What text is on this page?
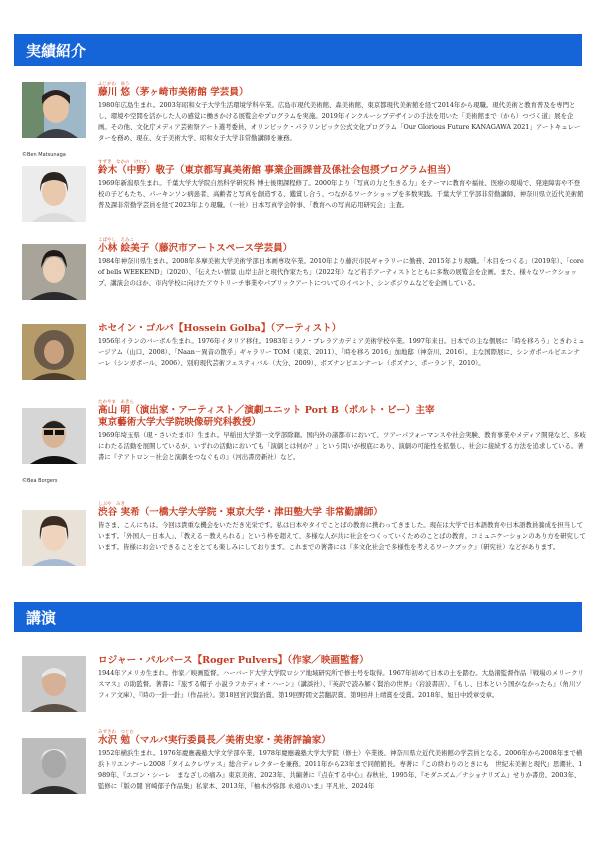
実績紹介
©Ben Matsunaga
ふじかわ　ゆう
藤川 悠（茅ヶ崎市美術館 学芸員）
1980年広島生まれ。2003年昭和女子大学生活環境学科卒業。広島市現代美術館、森美術館、東京都現代美術館を経て2014年から現職。現代美術と教育普及を専門とし、環境や空間を活かした人の感覚に働きかける展覧会やプログラムを実施。2019年インクルーシブデザインの手法を用いた「美術館まで（から）つづく道」展を企画。その他、文化庁メディア芸術祭アート選考委員、オリンピック・パラリンピック公式文化プログラム「Our Glorious Future KANAGAWA 2021」アートキュレーターを務め、現在、女子美術大学、昭和女子大学非常勤講師を兼務。
すずき　なかの　けいこ
鈴木（中野）敬子（東京都写真美術館 事業企画課普及係社会包摂プログラム担当）
1969年新潟県生まれ。千葉大学大学院自然科学研究科 博士後期課程修了。2000年より「写真の力と生きる力」をテーマに教育や福祉、医療の現場で、発達障害や不登校の子どもたち、パーキンソン病患者、高齢者と写真を創造する、鑑賞し合う、つながるワークショップを多数実践。千葉大学工学部非常勤講師、神奈川県立近代美術館普及課非常勤学芸員を経て2023年より現職。（一社）日本写真学会幹事、「教育への写真応用研究会」主査。
こばやし　えみこ
小林 絵美子（藤沢市アートスペース学芸員）
1984年神奈川県生まれ。2008年多摩美術大学美術学部日本画専攻卒業。2010年より藤沢市民ギャラリーに勤務、2015年より現職。「木目をつくる」（2019年）、「core of bells WEEKEND」（2020）、「伝えたい情景 山岸主計と現代作家たち」（2022年）など若手アーティストとともに多数の展覧会を企画。また、様々なワークショップ、講演会のほか、市内学校に向けたアウトリーチ事業やパブリックアートについてのイベント、シンポジウムなどを企画している。
ホセイン・ゴルバ【Hossein Golba】（アーティスト）
1956年イランのバーボル生まれ。1976年イタリア移住。1983年ミラノ・ブレラアカデミア美術学校卒業。1997年来日。日本での主な個展に「時を移ろう」ときわミュージアム（山口、2008）、「Naan－異音の散乎」ギャラリー TOM（東京、2011）、「時を移ろ 2016」加地邸（神奈川、2016）。主な国際展に、シンガポールビエンナーレ（シンガポール、2006）、別府現代芸術フェスティバル（大分、2009）、ボズナンビエンナーレ（ポズナン、ポーランド、2010）。
©Bea Borgers
たかやま　あきら
高山 明（演出家・アーティスト／演劇ユニット Port B（ポルト・ビー）主宰
東京藝術大学大学院映像研究科教授）
1969年埼玉県（現・さいたま市）生まれ。早稲田大学第一文学部除籍。国内外の諸都市において、ツアーパフォーマンスや社会実験、教育事業やメディア開発など、多岐にわたる活動を展開しているが、いずれの活動においても「演劇とは何か？」という問いが根底にあり、演劇の可能性を拡張し、社会に接続する方法を追求している。著書に『テアトロン－社会と演劇をつなぐもの』（河出書房新社）など。
しぶや　みき
渋谷 実希（一橋大学大学院・東京大学・津田塾大学 非常勤講師）
皆さま、こんにちは。今回は貴重な機会をいただき光栄です。私は日本やタイでことばの教育に携わってきました。現在は大学で日本語教育や日本語教員養成を担当しています。「外国人－日本人」、「教える－教えられる」という枠を超えて、多様な人が共に社会をつくっていくためのことばの教育、コミュニケーションのあり方を研究しています。皆様にお会いできることをとても楽しみにしております。これまでの著書には『多文化社会で多様性を考えるワークブック』（研究社）などがあります。
講演
ロジャー・パルバース【Roger Pulvers】（作家／映画監督）
1944年アメリカ生まれ。作家／映画監督。ハーバード大学大学院ロシア地域研究所で修士号を取得。1967年初めて日本の土を踏む。大島渚監督作品『戦場のメリークリスマス』の助監督。著書に『旅する帽子 小説ラフカディオ・ハーン』（講談社）、『英訳で読み解く賢治の世界』（岩波書店）、『もし、日本という国がなかったら』（角川ソフィア文庫）、『時の一針一針』（作品社）。第18回宮沢賢治賞、第19回野間文芸翻訳賞、第9回井上靖賞を受賞。2018年、旭日中綬章受章。
みずさわ　つとむ
水沢 勉（マルパ実行委員長／美術史家・美術評論家）
1952年横浜生まれ。1976年慶應義塾大学文学部卒業、1978年慶應義塾大学大学院（修士）卒業後、神奈川県立近代美術館の学芸員となる。2006年から2008年まで横浜トリエンナーレ2008「タイムクレヴァス」総合ディレクターを兼務。2011年から23年まで同館館長。専著に『この終わりのときにも　世紀末美術と現代』思潮社、1989年、『エゴン・シーレ　まなざしの痛み』東京美術、2023年、共編著に『点在する中心』春秋社、1995年、『モダニズム／ナショナリズム』せりか書房、2003年、監修に『版の闇 宮崎郁子作品集』私家本、2013年、『柚木沙弥郎 永遠のいま』平凡社、2024年
